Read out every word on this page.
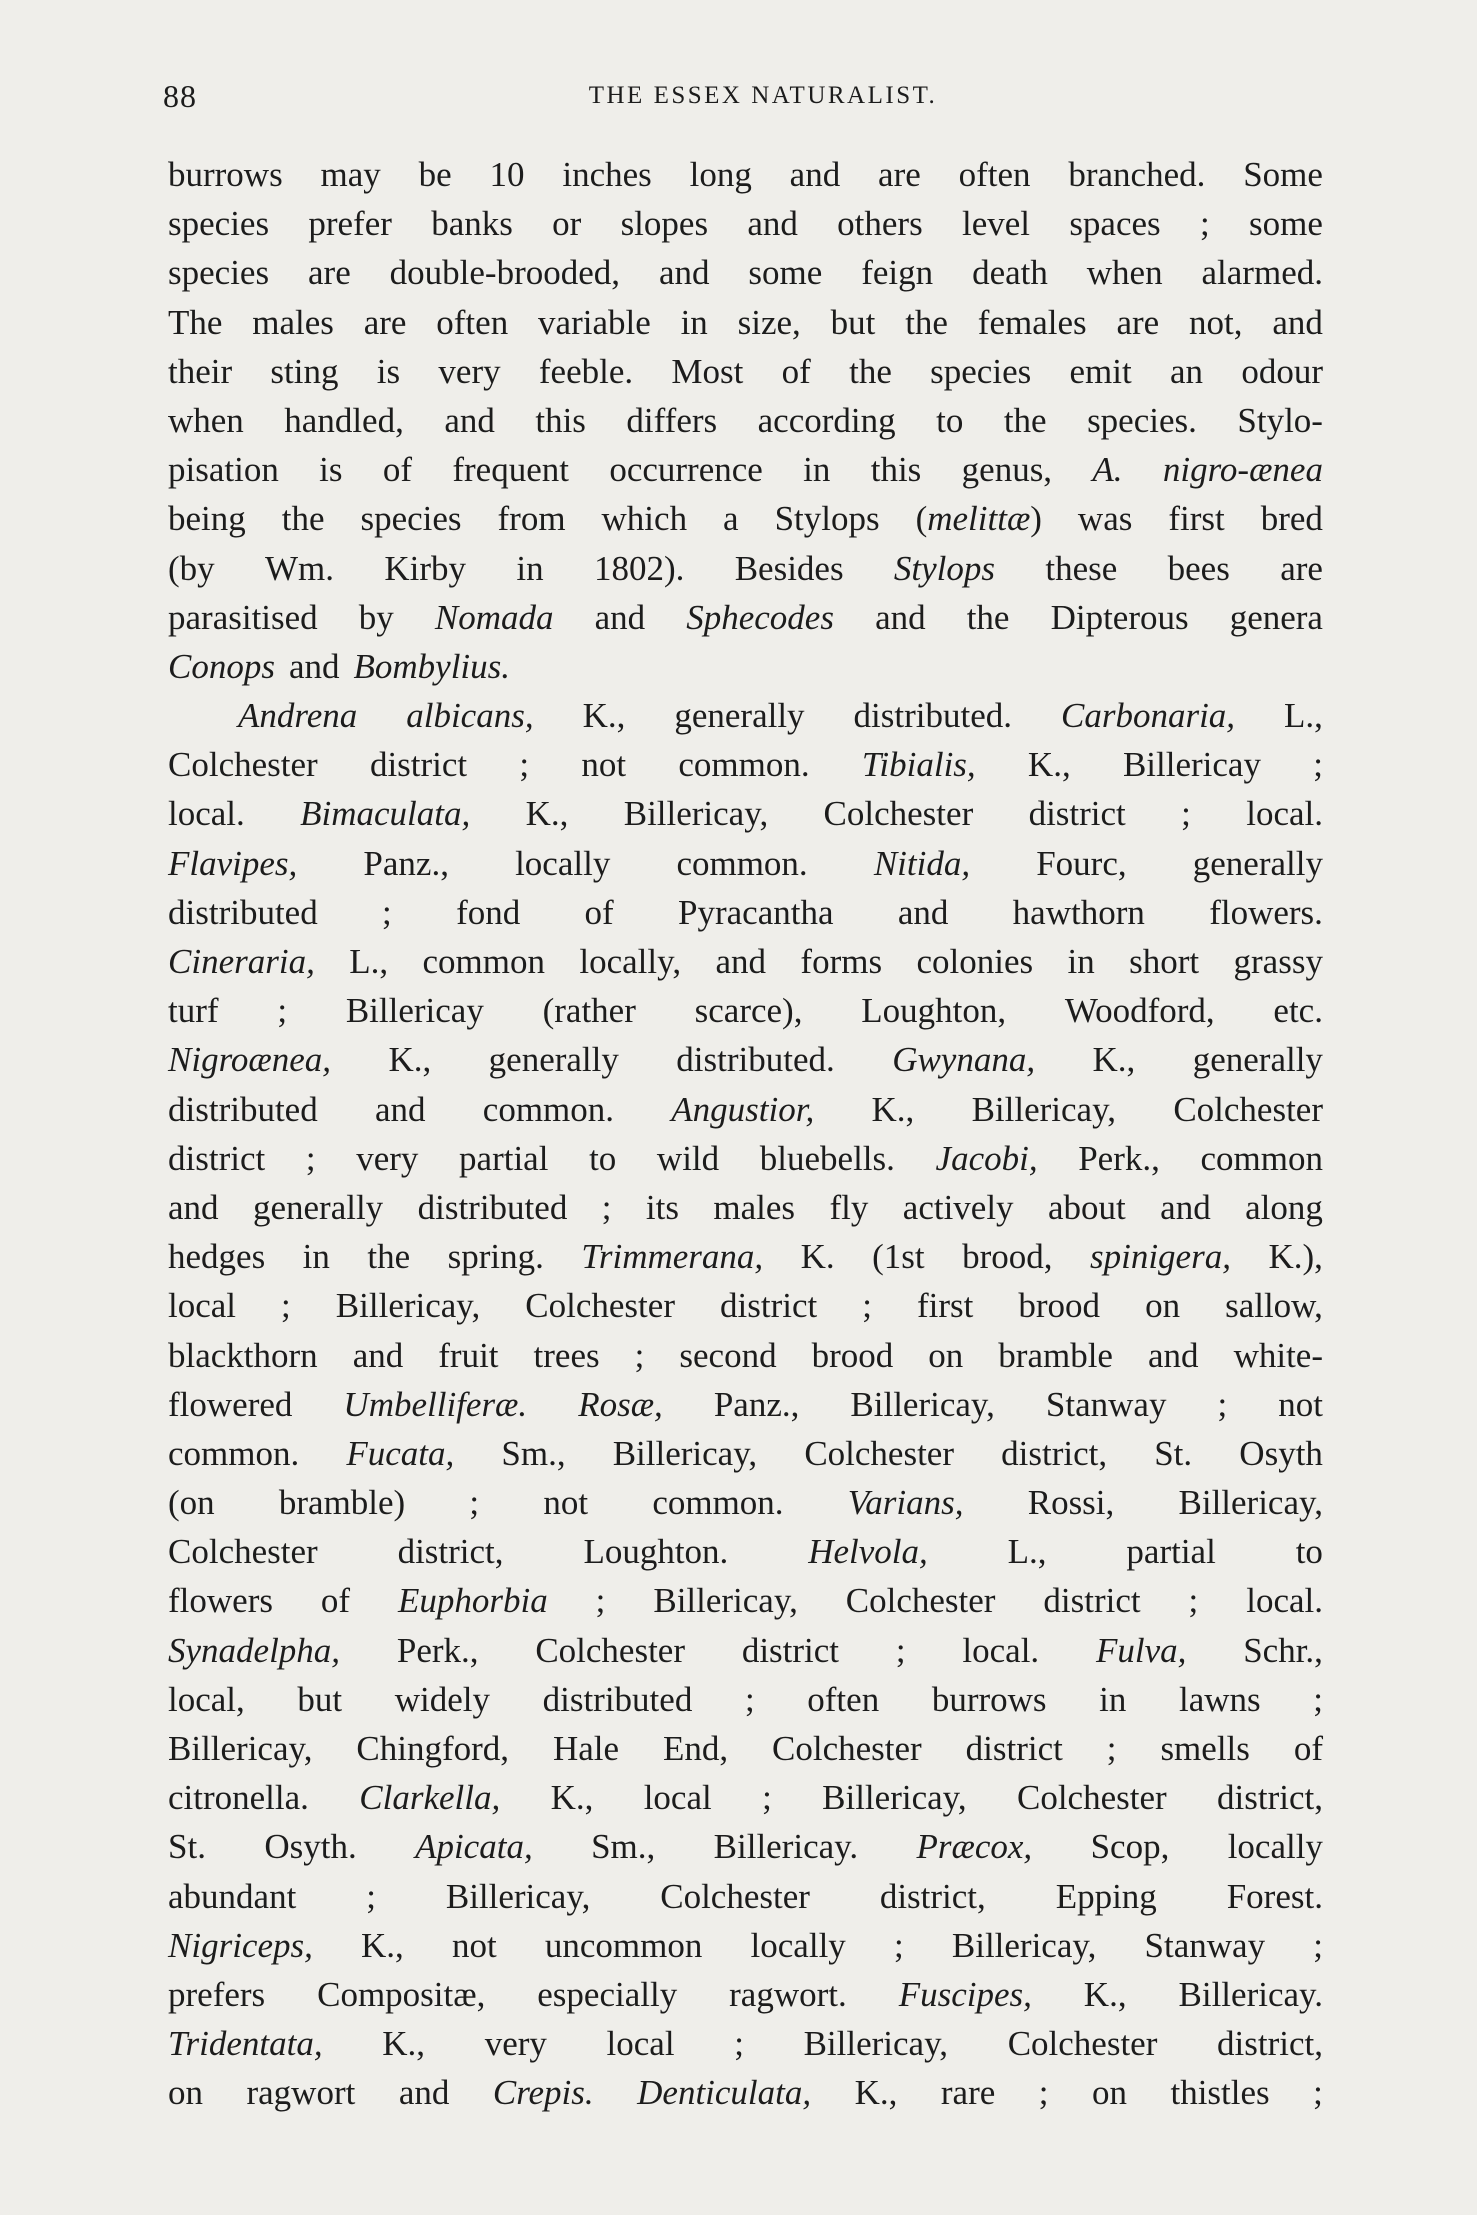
88	THE ESSEX NATURALIST.
burrows may be 10 inches long and are often branched. Some
species prefer banks or slopes and others level spaces ; some
species are double-brooded, and some feign death when alarmed.
The males are often variable in size, but the females are not, and
their sting is very feeble. Most of the species emit an odour
when handled, and this differs according to the species. Stylo-
pisation is of frequent occurrence in this genus, A. nigro-ænea
being the species from which a Stylops (melittæ) was first bred
(by Wm. Kirby in 1802). Besides Stylops these bees are
parasitised by Nomada and Sphecodes and the Dipterous genera
Conops and Bombylius.
Andrena albicans, K., generally distributed. Carbonaria, L.,
Colchester district ; not common. Tibialis, K., Billericay ;
local. Bimaculata, K., Billericay, Colchester district ; local.
Flavipes, Panz., locally common. Nitida, Fourc, generally
distributed ; fond of Pyracantha and hawthorn flowers.
Cineraria, L., common locally, and forms colonies in short grassy
turf ; Billericay (rather scarce), Loughton, Woodford, etc.
Nigroænea, K., generally distributed. Gwynana, K., generally
distributed and common. Angustior, K., Billericay, Colchester
district ; very partial to wild bluebells. Jacobi, Perk., common
and generally distributed ; its males fly actively about and along
hedges in the spring. Trimmerana, K. (1st brood, spinigera, K.),
local ; Billericay, Colchester district ; first brood on sallow,
blackthorn and fruit trees ; second brood on bramble and white-
flowered Umbelliferæ. Rosæ, Panz., Billericay, Stanway ; not
common. Fucata, Sm., Billericay, Colchester district, St. Osyth
(on bramble) ; not common. Varians, Rossi, Billericay,
Colchester district, Loughton. Helvola, L., partial to
flowers of Euphorbia ; Billericay, Colchester district ; local.
Synadelpha, Perk., Colchester district ; local. Fulva, Schr.,
local, but widely distributed ; often burrows in lawns ;
Billericay, Chingford, Hale End, Colchester district ; smells of
citronella. Clarkella, K., local ; Billericay, Colchester district,
St. Osyth. Apicata, Sm., Billericay. Præcox, Scop, locally
abundant ; Billericay, Colchester district, Epping Forest.
Nigriceps, K., not uncommon locally ; Billericay, Stanway ;
prefers Compositæ, especially ragwort. Fuscipes, K., Billericay.
Tridentata, K., very local ; Billericay, Colchester district,
on ragwort and Crepis. Denticulata, K., rare ; on thistles ;
